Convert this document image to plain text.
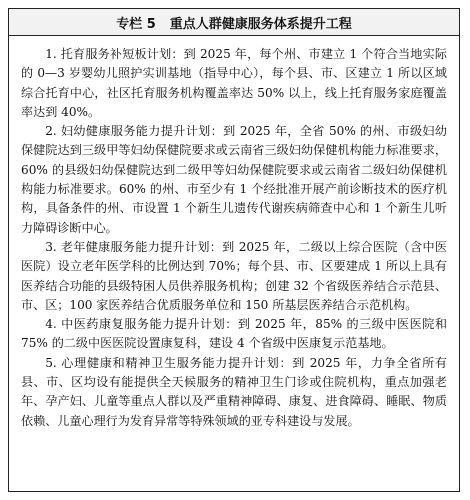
专栏 5 重点人群健康服务体系提升工程

1. 托育服务补短板计划：到 2025 年，每个州、市建立 1 个符合当地实际的 0—3 岁婴幼儿照护实训基地（指导中心），每个县、市、区建立 1 所以区域综合托育中心，社区托育服务机构覆盖率达 50% 以上，线上托育服务家庭覆盖率达到 40%。

2. 妇幼健康服务能力提升计划：到 2025 年，全省 50% 的州、市级妇幼保健院达到三级甲等妇幼保健院要求或云南省三级妇幼保健机构能力标准要求，60% 的县级妇幼保健院达到二级甲等妇幼保健院要求或云南省二级妇幼保健机构能力标准要求。60% 的州、市至少有 1 个经批准开展产前诊断技术的医疗机构，具备条件的州、市设置 1 个新生儿遗传代谢疾病筛查中心和 1 个新生儿听力障碍诊断中心。

3. 老年健康服务能力提升计划：到 2025 年，二级以上综合医院（含中医医院）设立老年医学科的比例达到 70%；每个县、市、区要建成 1 所以上具有医养结合功能的县级特困人员供养服务机构；创建 32 个省级医养结合示范县、市、区；100 家医养结合优质服务单位和 150 所基层医养结合示范机构。

4. 中医药康复服务能力提升计划：到 2025 年，85% 的三级中医医院和 75% 的二级中医医院设置康复科，建设 4 个省级中医康复示范基地。

5. 心理健康和精神卫生服务能力提升计划：到 2025 年，力争全省所有县、市、区均设有能提供全天候服务的精神卫生门诊或住院机构，重点加强老年、孕产妇、儿童等重点人群以及严重精神障碍、康复、进食障碍、睡眠、物质依赖、儿童心理行为发育异常等特殊领域的亚专科建设与发展。
